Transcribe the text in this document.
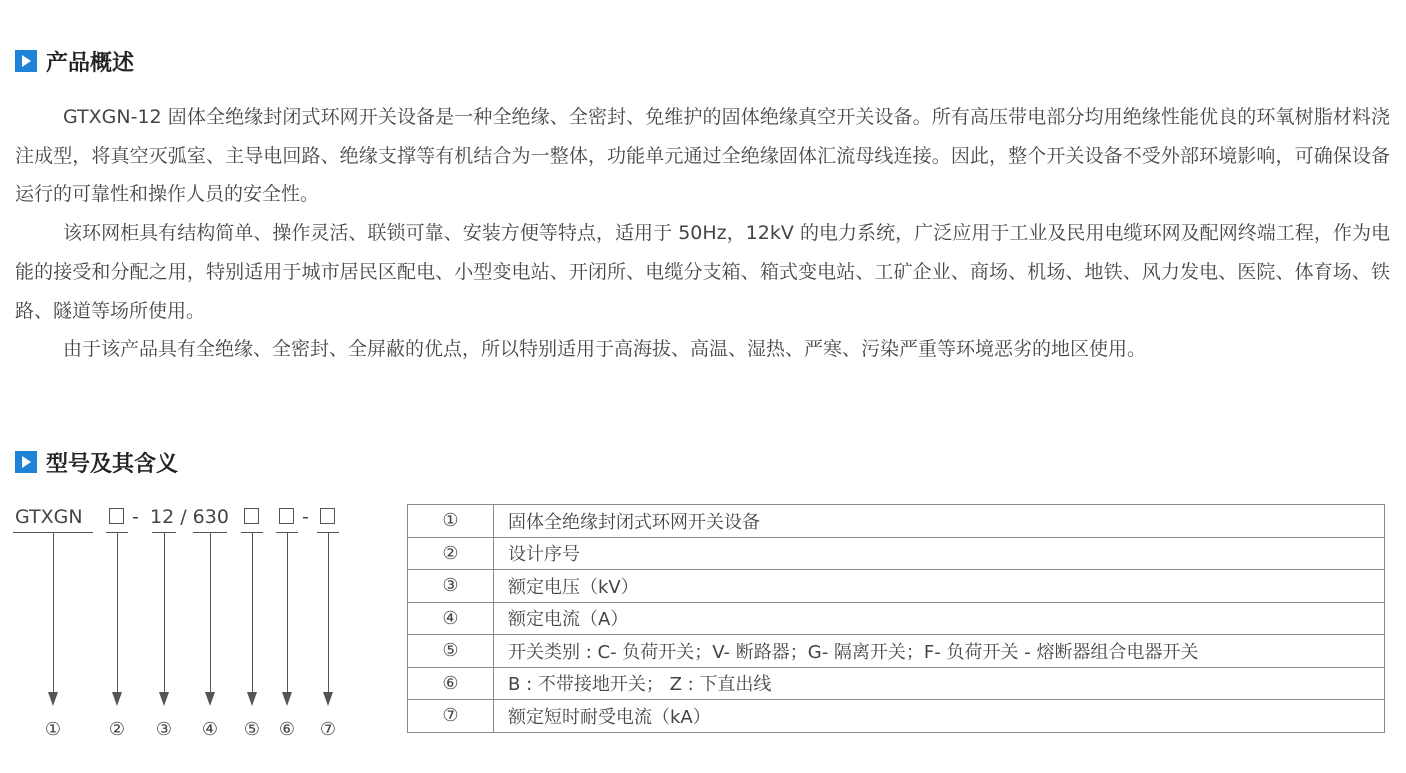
产品概述

GTXGN-12 固体全绝缘封闭式环网开关设备是一种全绝缘、全密封、免维护的固体绝缘真空开关设备。所有高压带电部分均用绝缘性能优良的环氧树脂材料浇注成型，将真空灭弧室、主导电回路、绝缘支撑等有机结合为一整体，功能单元通过全绝缘固体汇流母线连接。因此，整个开关设备不受外部环境影响，可确保设备运行的可靠性和操作人员的安全性。

该环网柜具有结构简单、操作灵活、联锁可靠、安装方便等特点，适用于 50Hz，12kV 的电力系统，广泛应用于工业及民用电缆环网及配网终端工程，作为电能的接受和分配之用，特别适用于城市居民区配电、小型变电站、开闭所、电缆分支箱、箱式变电站、工矿企业、商场、机场、地铁、风力发电、医院、体育场、铁路、隧道等场所使用。

由于该产品具有全绝缘、全密封、全屏蔽的优点，所以特别适用于高海拔、高温、湿热、严寒、污染严重等环境恶劣的地区使用。

型号及其含义
GTXGN	- 12 / 630	-
①	②	③	④	⑤	⑥	⑦
①	固体全绝缘封闭式环网开关设备
②	设计序号
③	额定电压（kV）
④	额定电流（A）
⑤	开关类别 : C- 负荷开关；V- 断路器；G- 隔离开关；F- 负荷开关 - 熔断器组合电器开关
⑥	B : 不带接地开关； Z : 下直出线
⑦	额定短时耐受电流（kA）
